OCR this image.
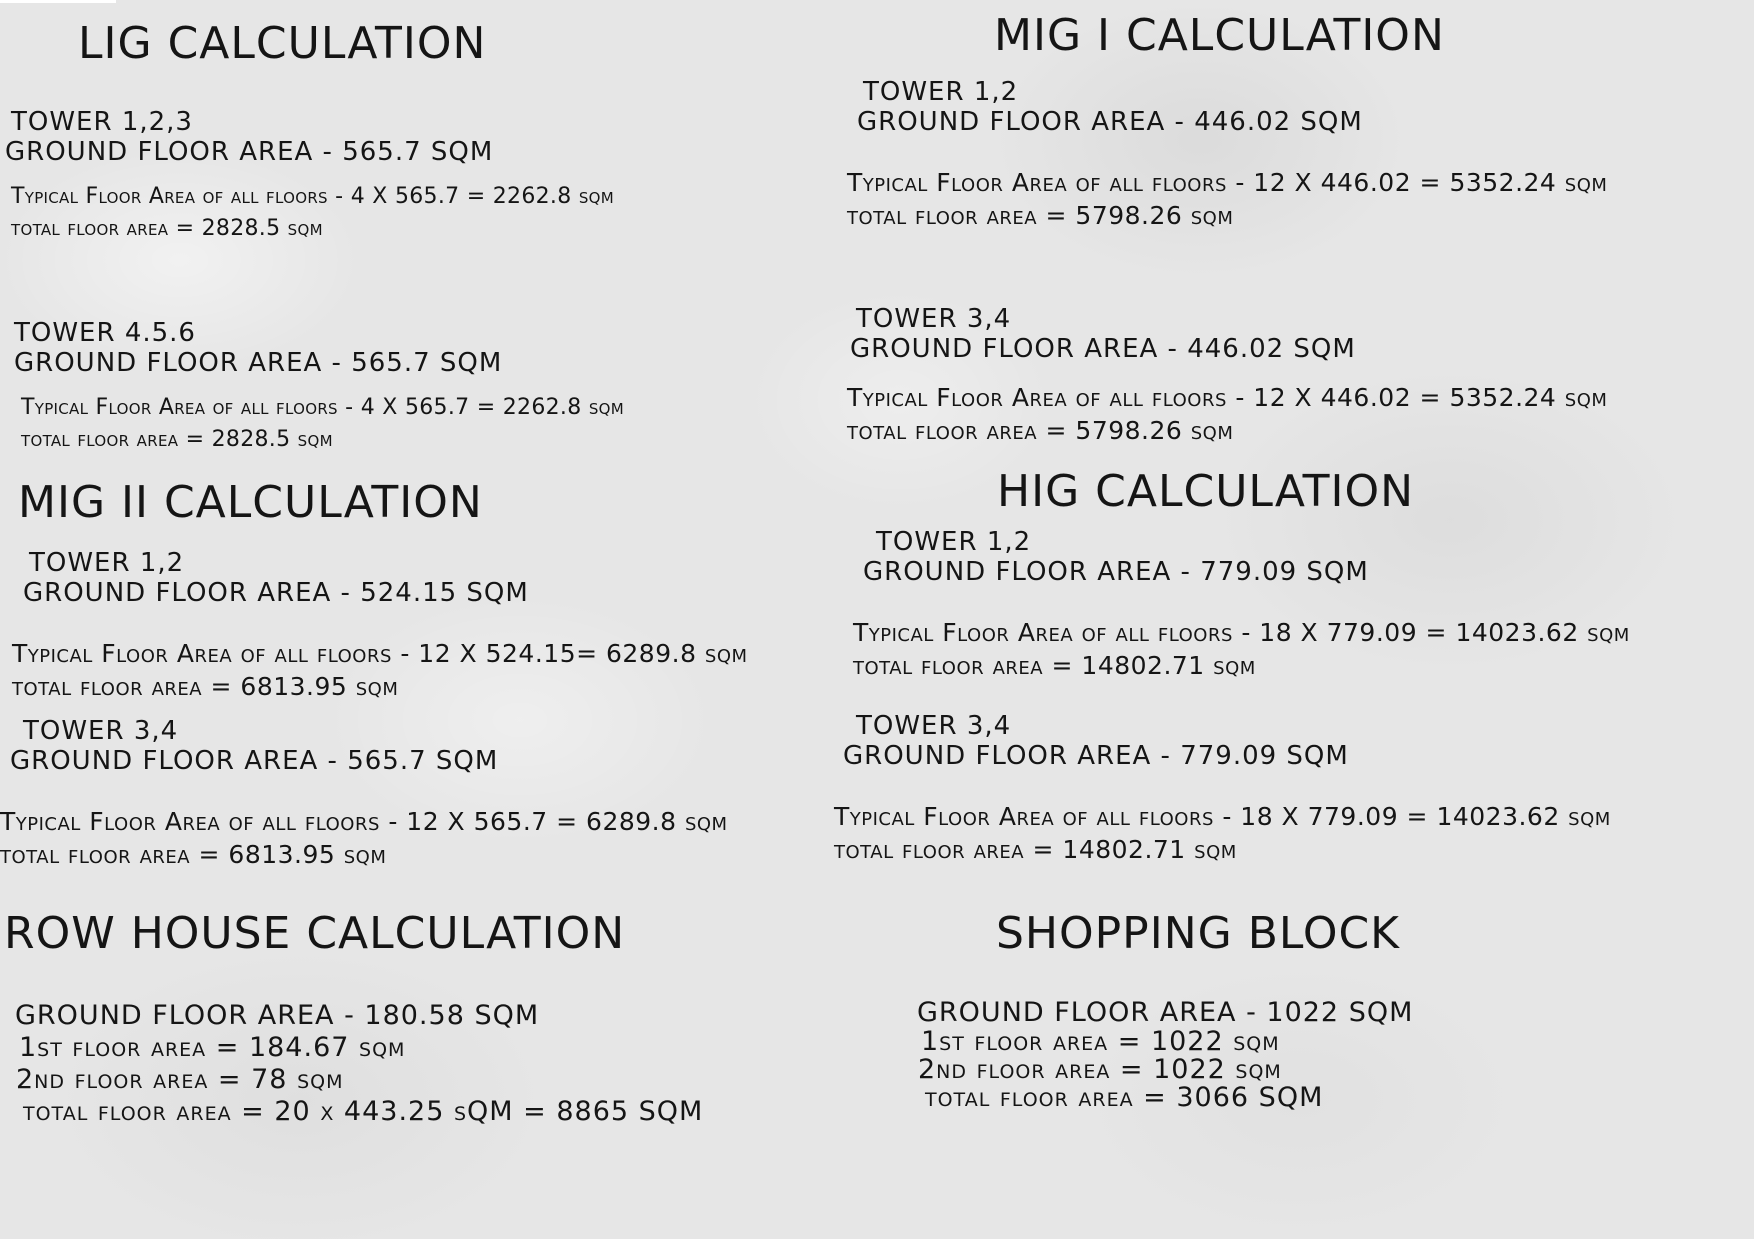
LIG CALCULATION
TOWER 1,2,3
GROUND FLOOR AREA - 565.7 SQM
Typical Floor Area of all floors - 4 X 565.7 = 2262.8 sqm
total floor area = 2828.5 sqm
TOWER 4.5.6
GROUND FLOOR AREA - 565.7 SQM
Typical Floor Area of all floors - 4 X 565.7 = 2262.8 sqm
total floor area = 2828.5 sqm
MIG I CALCULATION
TOWER 1,2
GROUND FLOOR AREA - 446.02 SQM
Typical Floor Area of all floors - 12 X 446.02 = 5352.24 sqm
total floor area = 5798.26 sqm
TOWER 3,4
GROUND FLOOR AREA - 446.02 SQM
Typical Floor Area of all floors - 12 X 446.02 = 5352.24 sqm
total floor area = 5798.26 sqm
MIG II CALCULATION
TOWER 1,2
GROUND FLOOR AREA - 524.15 SQM
Typical Floor Area of all floors - 12 X 524.15= 6289.8 sqm
total floor area = 6813.95 sqm
TOWER 3,4
GROUND FLOOR AREA - 565.7 SQM
Typical Floor Area of all floors - 12 X 565.7 = 6289.8 sqm
total floor area = 6813.95 sqm
HIG CALCULATION
TOWER 1,2
GROUND FLOOR AREA - 779.09 SQM
Typical Floor Area of all floors - 18 X 779.09 = 14023.62 sqm
total floor area = 14802.71 sqm
TOWER 3,4
GROUND FLOOR AREA - 779.09 SQM
Typical Floor Area of all floors - 18 X 779.09 = 14023.62 sqm
total floor area = 14802.71 sqm
ROW HOUSE CALCULATION
GROUND FLOOR AREA - 180.58 SQM
1st floor area = 184.67 sqm
2nd floor area = 78 sqm
total floor area = 20 x 443.25 sQM = 8865 SQM
SHOPPING BLOCK
GROUND FLOOR AREA - 1022 SQM
1st floor area = 1022 sqm
2nd floor area = 1022 sqm
total floor area = 3066 SQM
